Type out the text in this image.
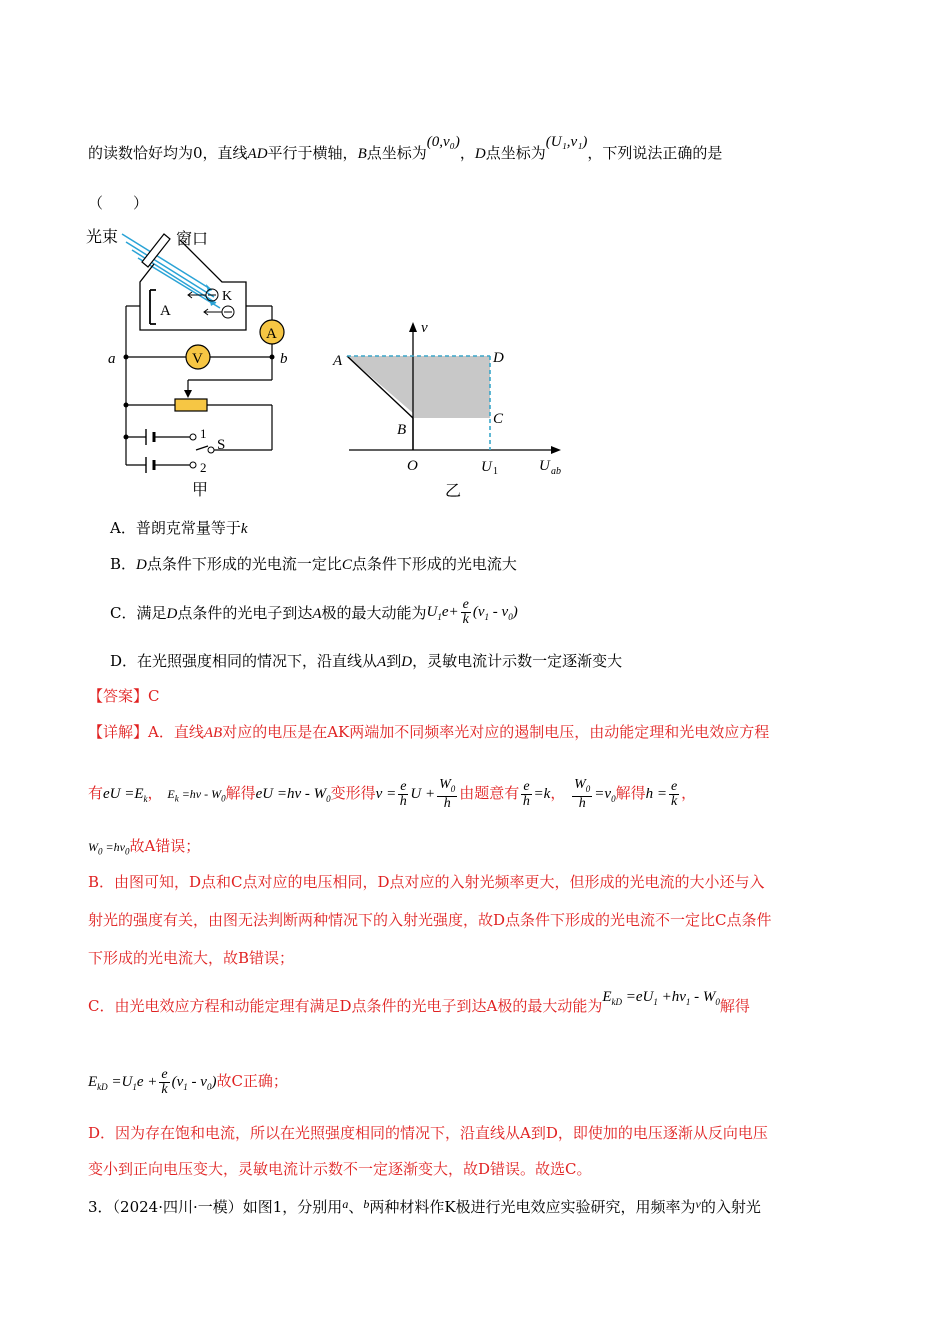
的读数恰好均为0，直线AD平行于横轴，B点坐标为(0,ν₀)，D点坐标为(U₁,ν₁)，下列说法正确的是
（　　）
光束	窗口
A
K
A
V
a	b
1
2
S
甲
ν
A	D
C
B
O	U 1	U ab
乙
A．普朗克常量等于k
B．D点条件下形成的光电流一定比C点条件下形成的光电流大
C．满足D点条件的光电子到达A极的最大动能为$U_1e+ \frac{e}{k} (\nu_1 - \nu_0)$
D．在光照强度相同的情况下，沿直线从A到D，灵敏电流计示数一定逐渐变大
【答案】C
【详解】A．直线AB对应的电压是在AK两端加不同频率光对应的遏制电压，由动能定理和光电效应方程
有eU $=E_k$， $E_k =h\nu - W_0$解得eU $=h\nu - W_0$变形得$\nu = \frac{e}{h}$ $U + \frac{W_0}{h}$ 由题意有 $\frac{e}{h} =k$， $\frac{W_0}{h} =\nu_0$解得$h = \frac{e}{k}$ ，
$W_0 =h\nu_0$故A错误；
B．由图可知，D点和C点对应的电压相同，D点对应的入射光频率更大，但形成的光电流的大小还与入
射光的强度有关，由图无法判断两种情况下的入射光强度，故D点条件下形成的光电流不一定比C点条件
下形成的光电流大，故B错误；
C．由光电效应方程和动能定理有满足D点条件的光电子到达A极的最大动能为$E_{kD} =eU_1 +h\nu_1 - W_0$解得
$E_{kD} =U_1e + \frac{e}{k} (\nu_1 - \nu_0)$故C正确；
D．因为存在饱和电流，所以在光照强度相同的情况下，沿直线从A到D，即使加的电压逐渐从反向电压
变小到正向电压变大，灵敏电流计示数不一定逐渐变大，故D错误。故选C。
3．（2024·四川·一模）如图1，分别用$^a$、$^b$两种材料作K极进行光电效应实验研究，用频率为$^\nu$的入射光
